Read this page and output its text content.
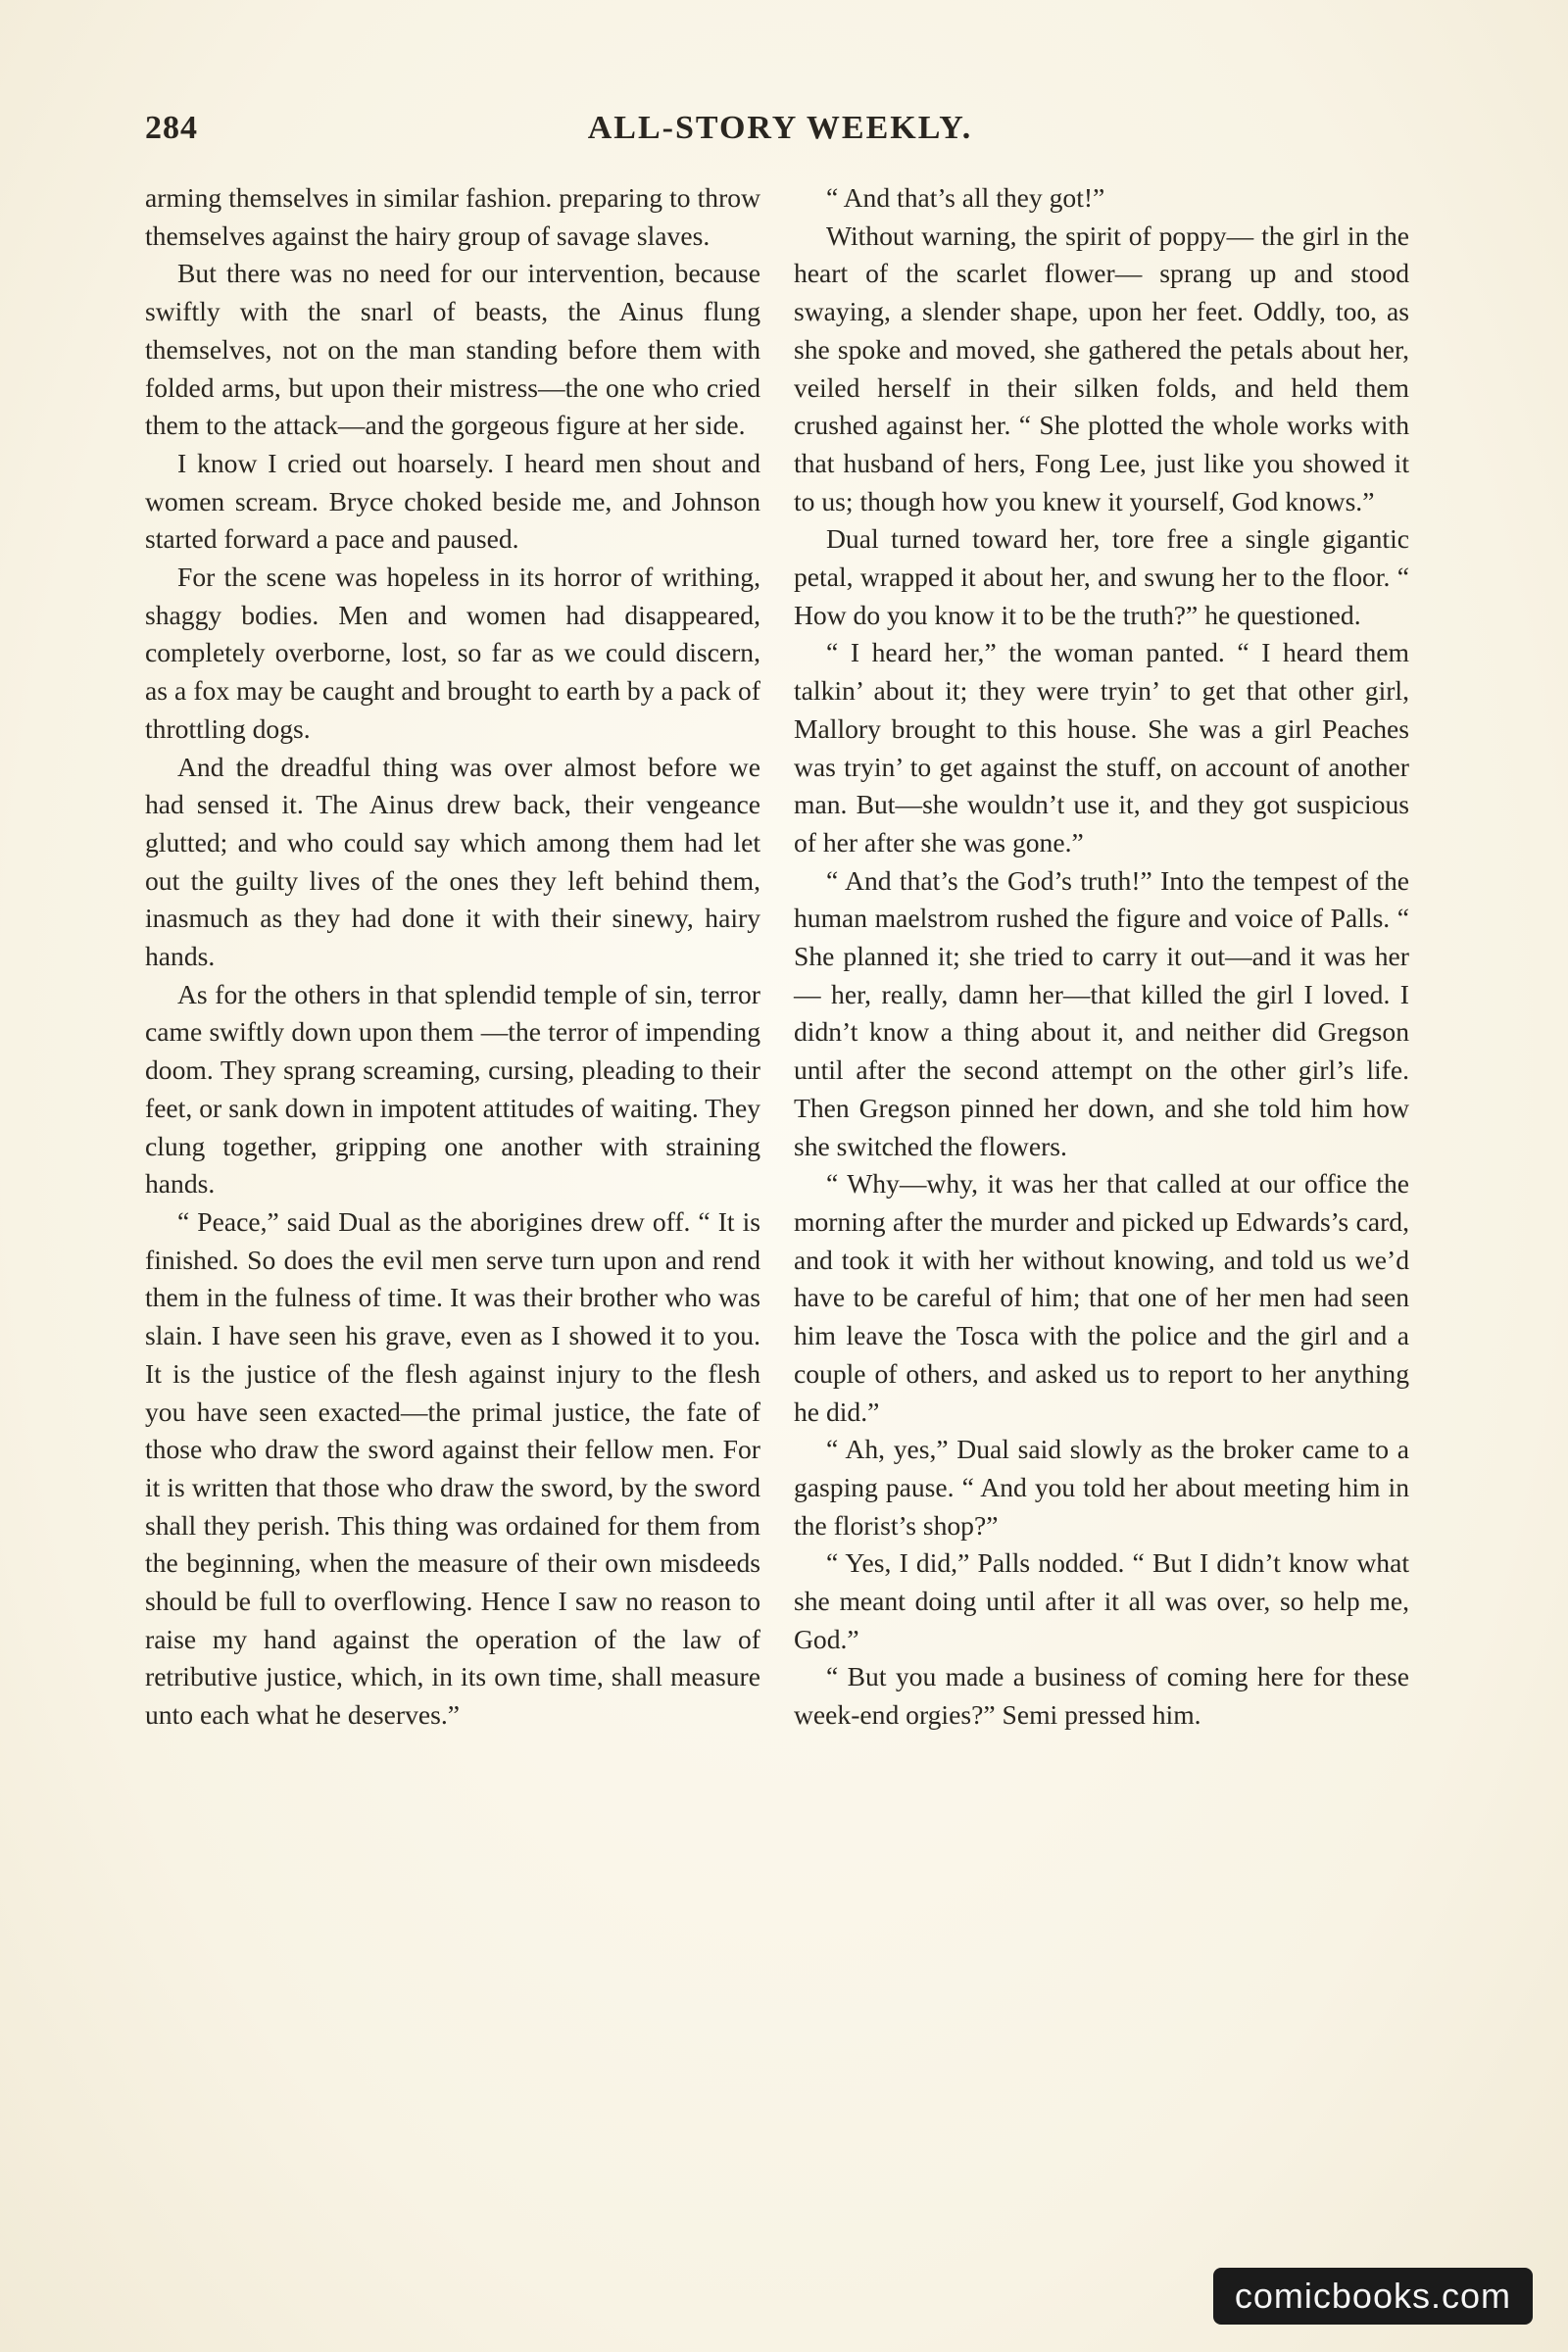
284	ALL-STORY WEEKLY.

arming themselves in similar fashion. preparing to throw themselves against the hairy group of savage slaves.

But there was no need for our intervention, because swiftly with the snarl of beasts, the Ainus flung themselves, not on the man standing before them with folded arms, but upon their mistress—the one who cried them to the attack—and the gorgeous figure at her side.

I know I cried out hoarsely. I heard men shout and women scream. Bryce choked beside me, and Johnson started forward a pace and paused.

For the scene was hopeless in its horror of writhing, shaggy bodies. Men and women had disappeared, completely overborne, lost, so far as we could discern, as a fox may be caught and brought to earth by a pack of throttling dogs.

And the dreadful thing was over almost before we had sensed it. The Ainus drew back, their vengeance glutted; and who could say which among them had let out the guilty lives of the ones they left behind them, inasmuch as they had done it with their sinewy, hairy hands.

As for the others in that splendid temple of sin, terror came swiftly down upon them —the terror of impending doom. They sprang screaming, cursing, pleading to their feet, or sank down in impotent attitudes of waiting. They clung together, gripping one another with straining hands.

“ Peace,” said Dual as the aborigines drew off. “ It is finished. So does the evil men serve turn upon and rend them in the fulness of time. It was their brother who was slain. I have seen his grave, even as I showed it to you. It is the justice of the flesh against injury to the flesh you have seen exacted—the primal justice, the fate of those who draw the sword against their fellow men. For it is written that those who draw the sword, by the sword shall they perish. This thing was ordained for them from the beginning, when the measure of their own misdeeds should be full to overflowing. Hence I saw no reason to raise my hand against the operation of the law of retributive justice, which, in its own time, shall measure unto each what he deserves.”

“ And that’s all they got!”

Without warning, the spirit of poppy— the girl in the heart of the scarlet flower— sprang up and stood swaying, a slender shape, upon her feet. Oddly, too, as she spoke and moved, she gathered the petals about her, veiled herself in their silken folds, and held them crushed against her. “ She plotted the whole works with that husband of hers, Fong Lee, just like you showed it to us; though how you knew it yourself, God knows.”

Dual turned toward her, tore free a single gigantic petal, wrapped it about her, and swung her to the floor. “ How do you know it to be the truth?” he questioned.

“ I heard her,” the woman panted. “ I heard them talkin’ about it; they were tryin’ to get that other girl, Mallory brought to this house. She was a girl Peaches was tryin’ to get against the stuff, on account of another man. But—she wouldn’t use it, and they got suspicious of her after she was gone.”

“ And that’s the God’s truth!” Into the tempest of the human maelstrom rushed the figure and voice of Palls. “ She planned it; she tried to carry it out—and it was her— her, really, damn her—that killed the girl I loved. I didn’t know a thing about it, and neither did Gregson until after the second attempt on the other girl’s life. Then Gregson pinned her down, and she told him how she switched the flowers.

“ Why—why, it was her that called at our office the morning after the murder and picked up Edwards’s card, and took it with her without knowing, and told us we’d have to be careful of him; that one of her men had seen him leave the Tosca with the police and the girl and a couple of others, and asked us to report to her anything he did.”

“ Ah, yes,” Dual said slowly as the broker came to a gasping pause. “ And you told her about meeting him in the florist’s shop?”

“ Yes, I did,” Palls nodded. “ But I didn’t know what she meant doing until after it all was over, so help me, God.”

“ But you made a business of coming here for these week-end orgies?” Semi pressed him.

comicbooks.com
